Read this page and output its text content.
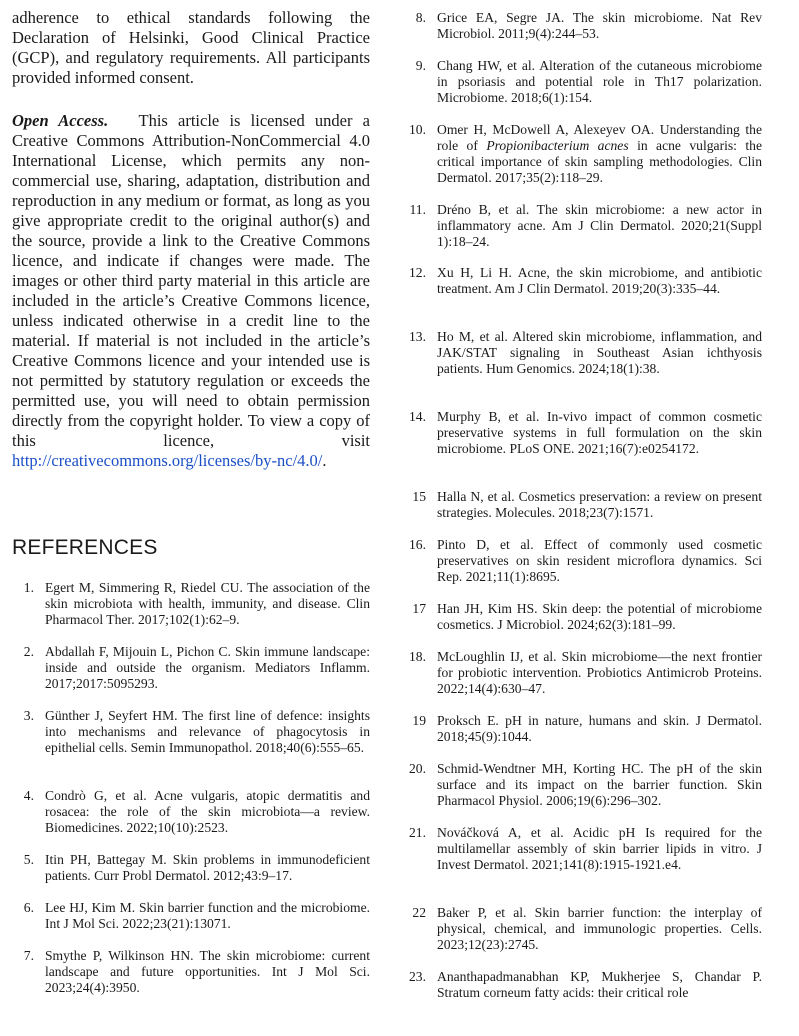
adherence to ethical standards following the Declaration of Helsinki, Good Clinical Practice (GCP), and regulatory requirements. All participants provided informed consent.

Open Access. This article is licensed under a Creative Commons Attribution-NonCommercial 4.0 International License, which permits any non-commercial use, sharing, adaptation, distribution and reproduction in any medium or format, as long as you give appropriate credit to the original author(s) and the source, provide a link to the Creative Commons licence, and indicate if changes were made. The images or other third party material in this article are included in the article’s Creative Commons licence, unless indicated otherwise in a credit line to the material. If material is not included in the article’s Creative Commons licence and your intended use is not permitted by statutory regulation or exceeds the permitted use, you will need to obtain permission directly from the copyright holder. To view a copy of this licence, visit http://creativecommons.org/licenses/by-nc/4.0/.

REFERENCES
1. Egert M, Simmering R, Riedel CU. The association of the skin microbiota with health, immunity, and disease. Clin Pharmacol Ther. 2017;102(1):62–9.
2. Abdallah F, Mijouin L, Pichon C. Skin immune landscape: inside and outside the organism. Mediators Inflamm. 2017;2017:5095293.
3. Günther J, Seyfert HM. The first line of defence: insights into mechanisms and relevance of phagocytosis in epithelial cells. Semin Immunopathol. 2018;40(6):555–65.
4. Condrò G, et al. Acne vulgaris, atopic dermatitis and rosacea: the role of the skin microbiota—a review. Biomedicines. 2022;10(10):2523.
5. Itin PH, Battegay M. Skin problems in immunodeficient patients. Curr Probl Dermatol. 2012;43:9–17.
6. Lee HJ, Kim M. Skin barrier function and the microbiome. Int J Mol Sci. 2022;23(21):13071.
7. Smythe P, Wilkinson HN. The skin microbiome: current landscape and future opportunities. Int J Mol Sci. 2023;24(4):3950.
8. Grice EA, Segre JA. The skin microbiome. Nat Rev Microbiol. 2011;9(4):244–53.
9. Chang HW, et al. Alteration of the cutaneous microbiome in psoriasis and potential role in Th17 polarization. Microbiome. 2018;6(1):154.
10. Omer H, McDowell A, Alexeyev OA. Understanding the role of Propionibacterium acnes in acne vulgaris: the critical importance of skin sampling methodologies. Clin Dermatol. 2017;35(2):118–29.
11. Dréno B, et al. The skin microbiome: a new actor in inflammatory acne. Am J Clin Dermatol. 2020;21(Suppl 1):18–24.
12. Xu H, Li H. Acne, the skin microbiome, and antibiotic treatment. Am J Clin Dermatol. 2019;20(3):335–44.
13. Ho M, et al. Altered skin microbiome, inflammation, and JAK/STAT signaling in Southeast Asian ichthyosis patients. Hum Genomics. 2024;18(1):38.
14. Murphy B, et al. In-vivo impact of common cosmetic preservative systems in full formulation on the skin microbiome. PLoS ONE. 2021;16(7):e0254172.
15 Halla N, et al. Cosmetics preservation: a review on present strategies. Molecules. 2018;23(7):1571.
16. Pinto D, et al. Effect of commonly used cosmetic preservatives on skin resident microflora dynamics. Sci Rep. 2021;11(1):8695.
17 Han JH, Kim HS. Skin deep: the potential of microbiome cosmetics. J Microbiol. 2024;62(3):181–99.
18. McLoughlin IJ, et al. Skin microbiome—the next frontier for probiotic intervention. Probiotics Antimicrob Proteins. 2022;14(4):630–47.
19 Proksch E. pH in nature, humans and skin. J Dermatol. 2018;45(9):1044.
20. Schmid-Wendtner MH, Korting HC. The pH of the skin surface and its impact on the barrier function. Skin Pharmacol Physiol. 2006;19(6):296–302.
21. Nováčková A, et al. Acidic pH Is required for the multilamellar assembly of skin barrier lipids in vitro. J Invest Dermatol. 2021;141(8):1915-1921.e4.
22 Baker P, et al. Skin barrier function: the interplay of physical, chemical, and immunologic properties. Cells. 2023;12(23):2745.
23. Ananthapadmanabhan KP, Mukherjee S, Chandar P. Stratum corneum fatty acids: their critical role
